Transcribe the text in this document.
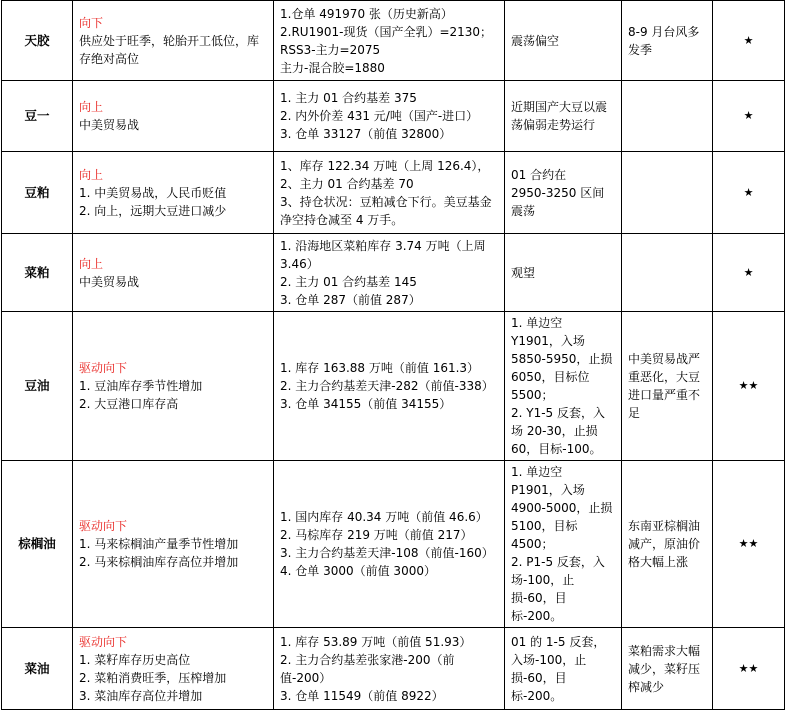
天胶	向下
供应处于旺季，轮胎开工低位，库存绝对高位	1.仓单 491970 张（历史新高）
2.RU1901-现货（国产全乳）=2130；
RSS3-主力=2075
主力-混合胶=1880	震荡偏空	8-9 月台风多发季	★
豆一	向上
中美贸易战	1. 主力 01 合约基差 375
2. 内外价差 431 元/吨（国产-进口）
3. 仓单 33127（前值 32800）	近期国产大豆以震荡偏弱走势运行		★
豆粕	向上
1. 中美贸易战，人民币贬值
2. 向上，远期大豆进口减少	1、库存 122.34 万吨（上周 126.4），
2、主力 01 合约基差 70
3、持仓状况：豆粕减仓下行。美豆基金净空持仓减至 4 万手。	01 合约在
2950-3250 区间震荡		★
菜粕	向上
中美贸易战	1. 沿海地区菜粕库存 3.74 万吨（上周 3.46）
2. 主力 01 合约基差 145
3. 仓单 287（前值 287）	观望		★
豆油	驱动向下
1. 豆油库存季节性增加
2. 大豆港口库存高	1. 库存 163.88 万吨（前值 161.3）
2. 主力合约基差天津-282（前值-338）
3. 仓单 34155（前值 34155）	1. 单边空 Y1901，入场 5850-5950，止损 6050，目标位 5500；
2. Y1-5 反套，入场 20-30，止损 60，目标-100。	中美贸易战严重恶化，大豆进口量严重不足	★★
棕榈油	驱动向下
1. 马来棕榈油产量季节性增加
2. 马来棕榈油库存高位并增加	1. 国内库存 40.34 万吨（前值 46.6）
2. 马棕库存 219 万吨（前值 217）
3. 主力合约基差天津-108（前值-160）
4. 仓单 3000（前值 3000）	1. 单边空 P1901，入场 4900-5000，止损 5100，目标 4500；
2. P1-5 反套，入场-100，止损-60，目标-200。	东南亚棕榈油减产，原油价格大幅上涨	★★
菜油	驱动向下
1. 菜籽库存历史高位
2. 菜粕消费旺季，压榨增加
3. 菜油库存高位并增加	1. 库存 53.89 万吨（前值 51.93）
2. 主力合约基差张家港-200（前值-200）
3. 仓单 11549（前值 8922）	01 的 1-5 反套，入场-100，止损-60，目标-200。	菜粕需求大幅减少，菜籽压榨减少	★★
